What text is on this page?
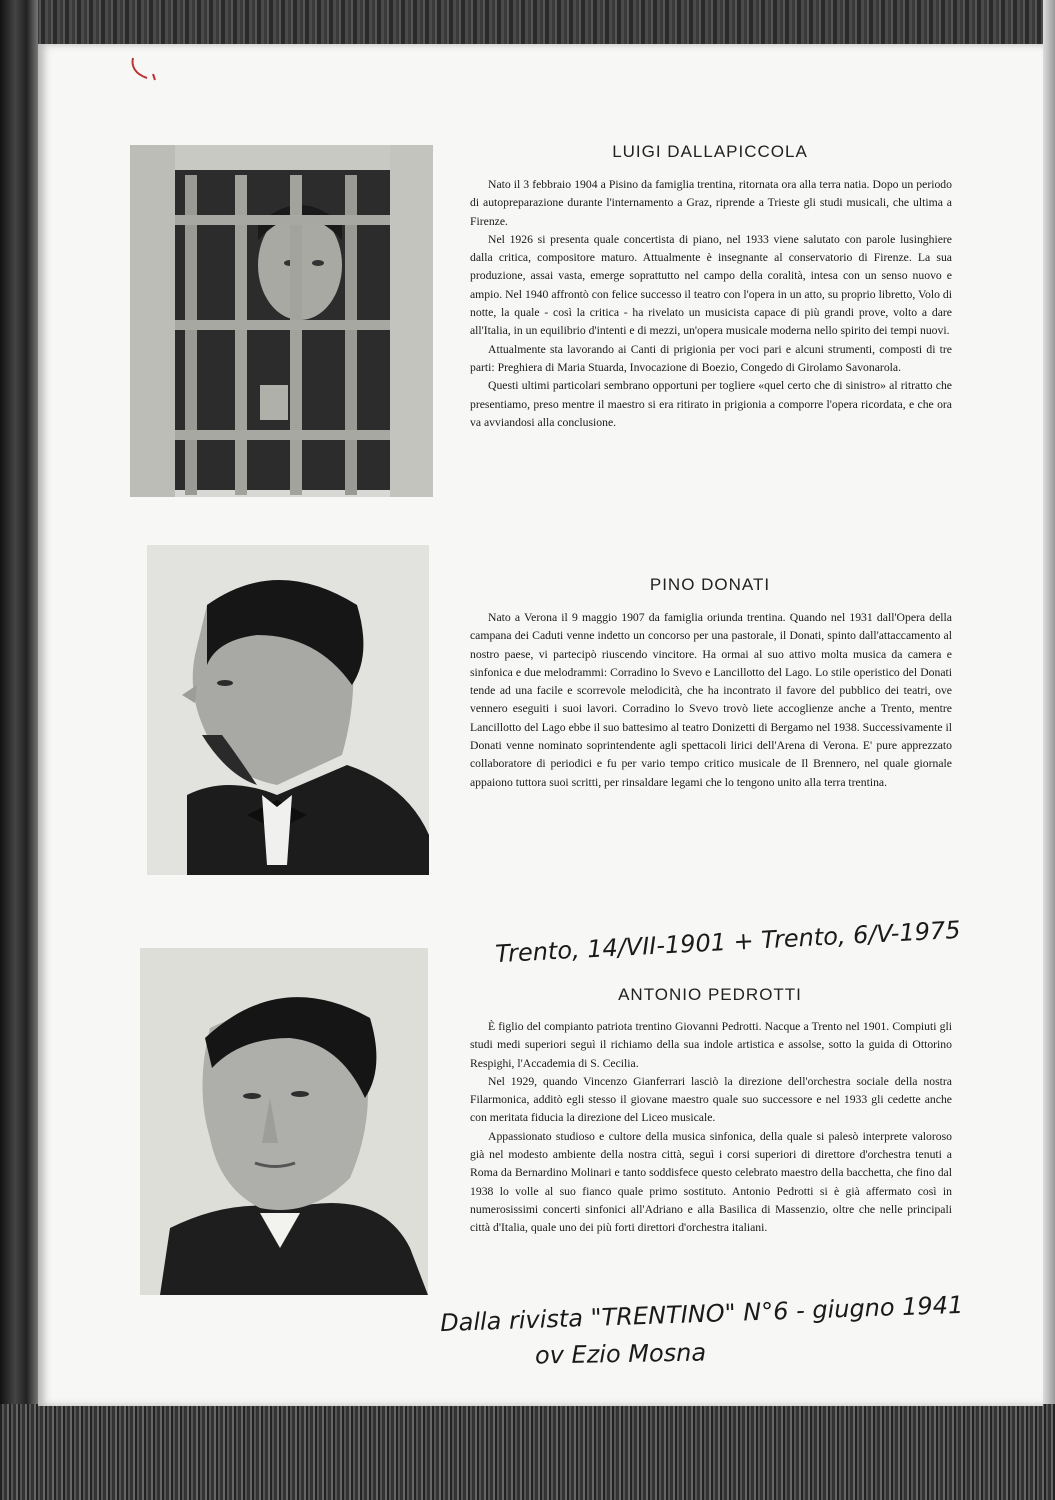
LUIGI DALLAPICCOLA

Nato il 3 febbraio 1904 a Pisino da famiglia trentina, ritornata ora alla terra natia. Dopo un periodo di autopreparazione durante l'internamento a Graz, riprende a Trieste gli studi musicali, che ultima a Firenze.

Nel 1926 si presenta quale concertista di piano, nel 1933 viene salutato con parole lusinghiere dalla critica, compositore maturo. Attualmente è insegnante al conservatorio di Firenze. La sua produzione, assai vasta, emerge soprattutto nel campo della coralità, intesa con un senso nuovo e ampio. Nel 1940 affrontò con felice successo il teatro con l'opera in un atto, su proprio libretto, Volo di notte, la quale - così la critica - ha rivelato un musicista capace di più grandi prove, volto a dare all'Italia, in un equilibrio d'intenti e di mezzi, un'opera musicale moderna nello spirito dei tempi nuovi.

Attualmente sta lavorando ai Canti di prigionia per voci pari e alcuni strumenti, composti di tre parti: Preghiera di Maria Stuarda, Invocazione di Boezio, Congedo di Girolamo Savonarola.

Questi ultimi particolari sembrano opportuni per togliere «quel certo che di sinistro» al ritratto che presentiamo, preso mentre il maestro si era ritirato in prigionia a comporre l'opera ricordata, e che ora va avviandosi alla conclusione.

PINO DONATI

Nato a Verona il 9 maggio 1907 da famiglia oriunda trentina. Quando nel 1931 dall'Opera della campana dei Caduti venne indetto un concorso per una pastorale, il Donati, spinto dall'attaccamento al nostro paese, vi partecipò riuscendo vincitore. Ha ormai al suo attivo molta musica da camera e sinfonica e due melodrammi: Corradino lo Svevo e Lancillotto del Lago. Lo stile operistico del Donati tende ad una facile e scorrevole melodicità, che ha incontrato il favore del pubblico dei teatri, ove vennero eseguiti i suoi lavori. Corradino lo Svevo trovò liete accoglienze anche a Trento, mentre Lancillotto del Lago ebbe il suo battesimo al teatro Donizetti di Bergamo nel 1938. Successivamente il Donati venne nominato soprintendente agli spettacoli lirici dell'Arena di Verona. E' pure apprezzato collaboratore di periodici e fu per vario tempo critico musicale de Il Brennero, nel quale giornale appaiono tuttora suoi scritti, per rinsaldare legami che lo tengono unito alla terra trentina.

Trento, 14/VII-1901 + Trento, 6/V-1975
ANTONIO PEDROTTI

È figlio del compianto patriota trentino Giovanni Pedrotti. Nacque a Trento nel 1901. Compiuti gli studi medi superiori seguì il richiamo della sua indole artistica e assolse, sotto la guida di Ottorino Respighi, l'Accademia di S. Cecilia.

Nel 1929, quando Vincenzo Gianferrari lasciò la direzione dell'orchestra sociale della nostra Filarmonica, additò egli stesso il giovane maestro quale suo successore e nel 1933 gli cedette anche con meritata fiducia la direzione del Liceo musicale.

Appassionato studioso e cultore della musica sinfonica, della quale si palesò interprete valoroso già nel modesto ambiente della nostra città, seguì i corsi superiori di direttore d'orchestra tenuti a Roma da Bernardino Molinari e tanto soddisfece questo celebrato maestro della bacchetta, che fino dal 1938 lo volle al suo fianco quale primo sostituto. Antonio Pedrotti si è già affermato così in numerosissimi concerti sinfonici all'Adriano e alla Basilica di Massenzio, oltre che nelle principali città d'Italia, quale uno dei più forti direttori d'orchestra italiani.

Dalla rivista "TRENTINO" N°6 - giugno 1941
ov Ezio Mosna
